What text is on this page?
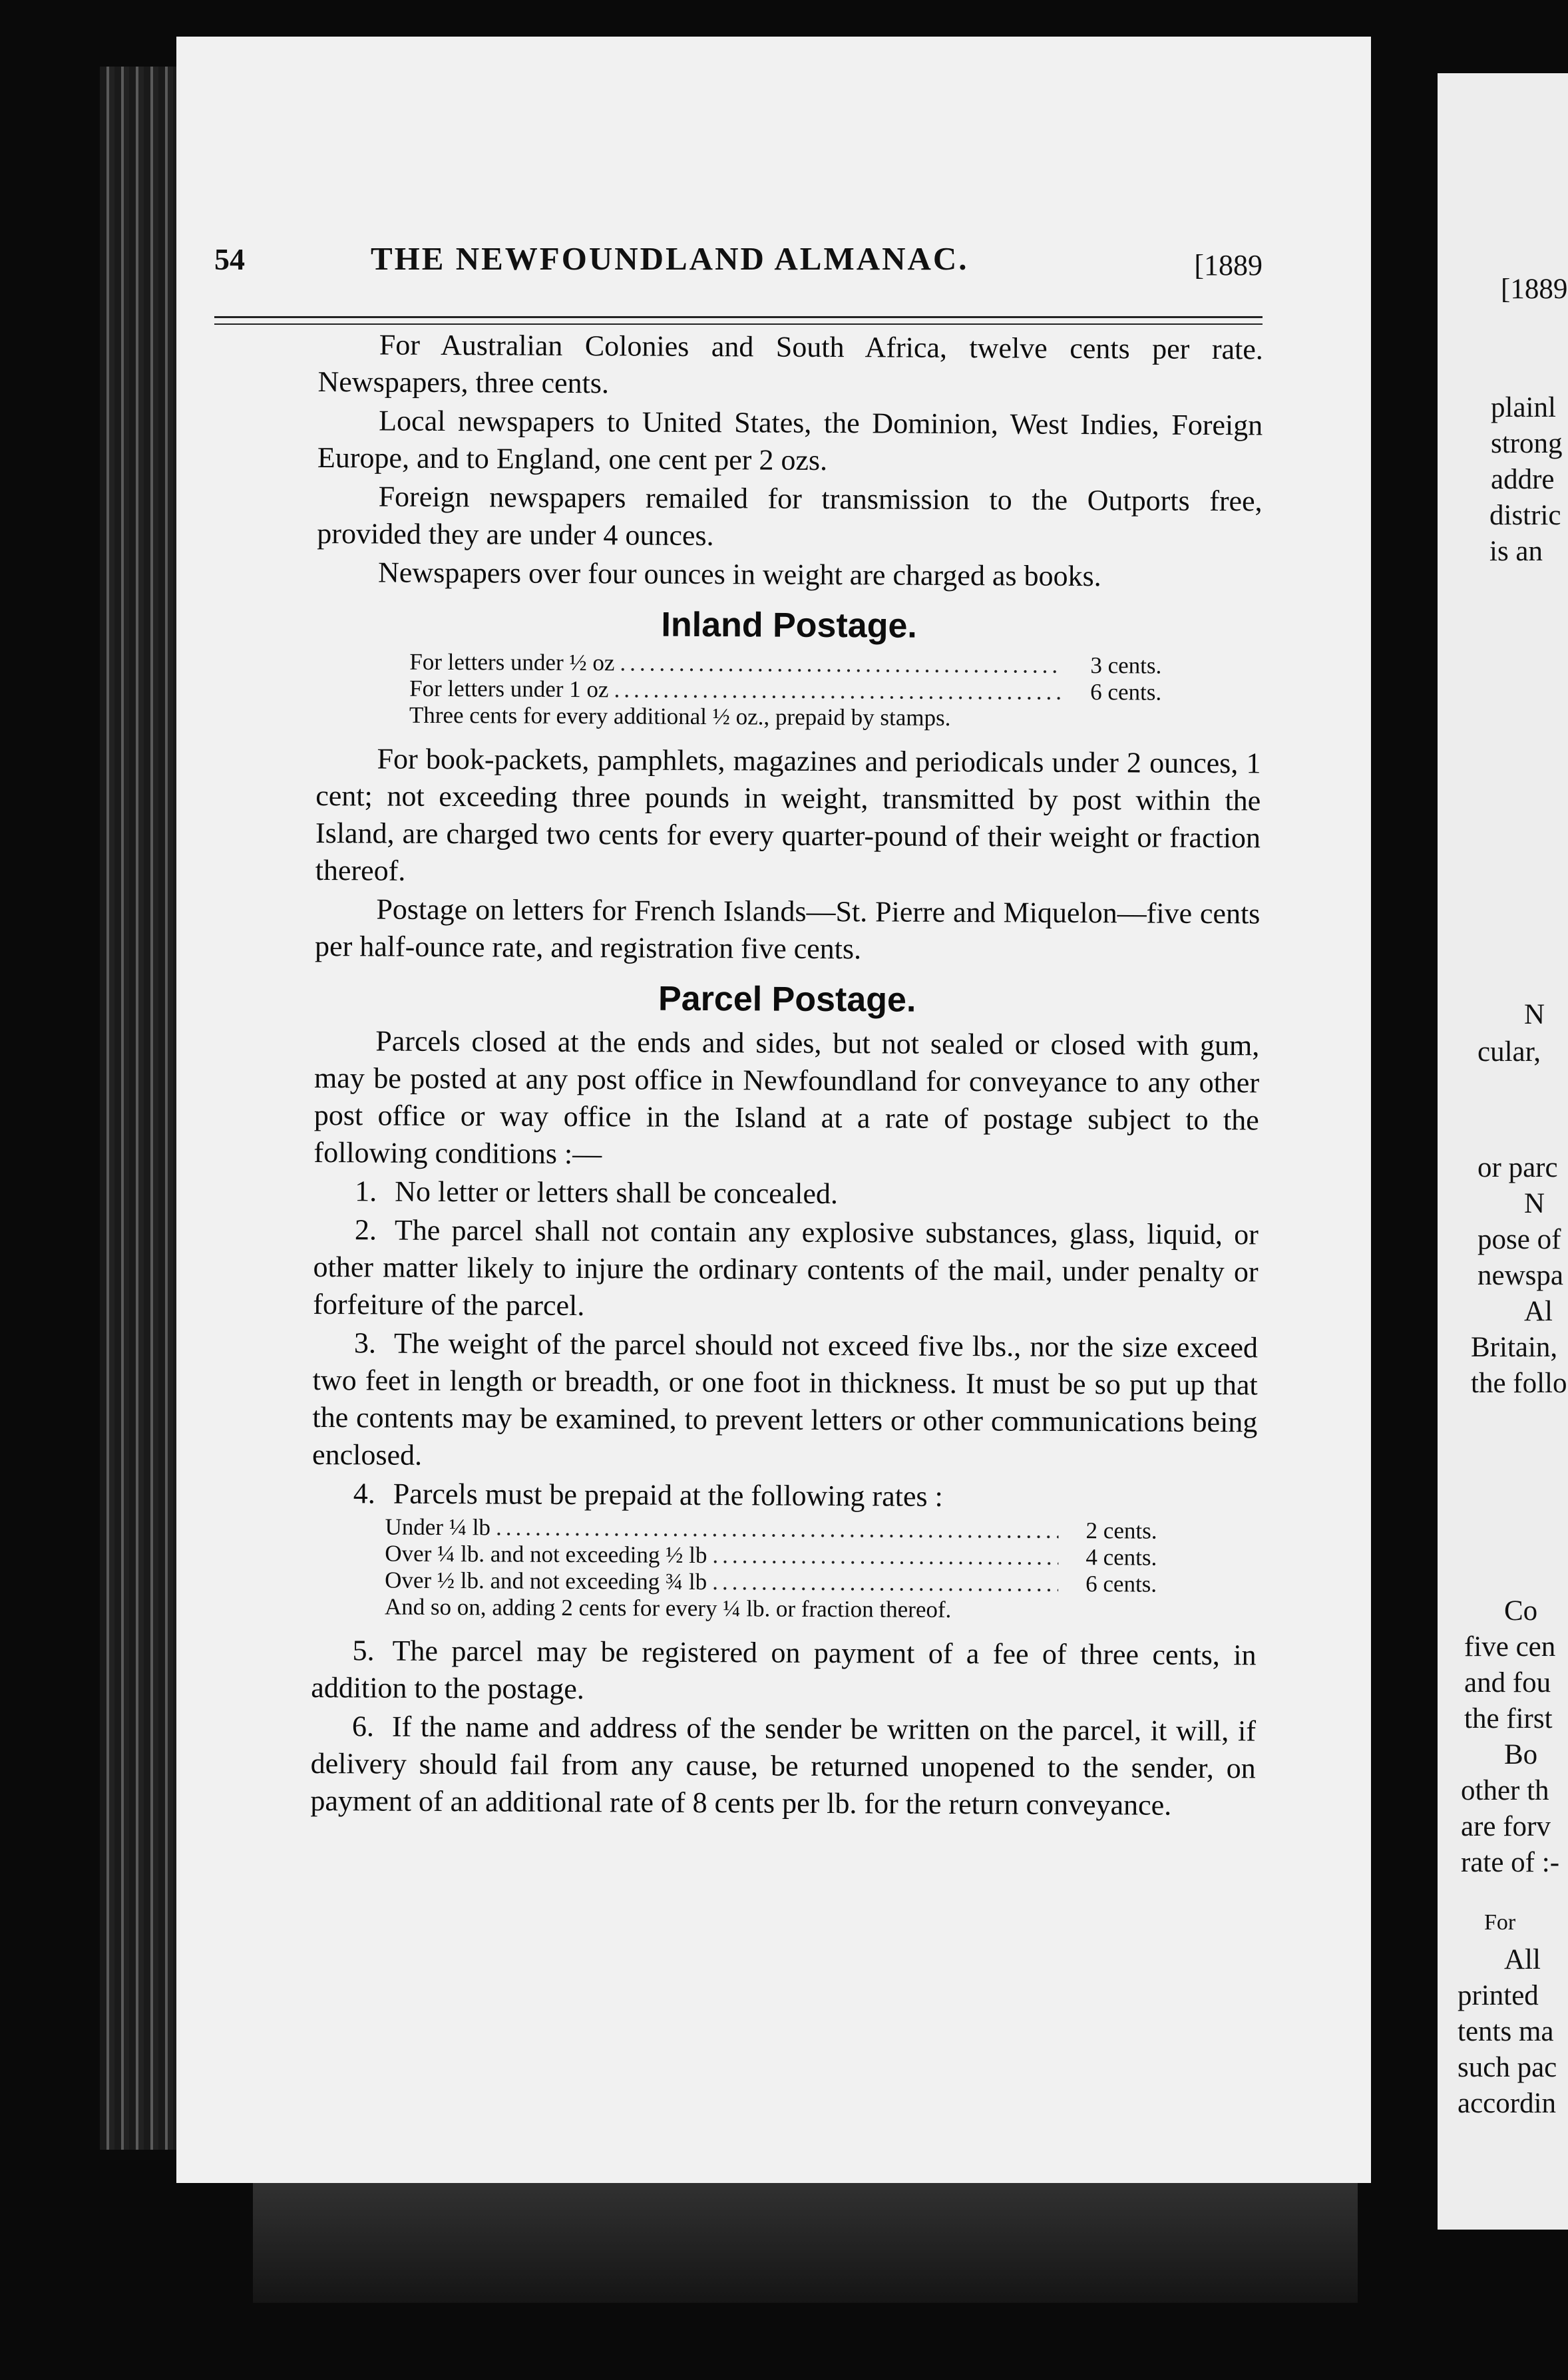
[1889
plainl
strong
addre
distric
is an
N
cular,
or parc
N
pose of
newspa
Al
Britain,
the follo
Co
five cen
and fou
the first
Bo
other th
are forv
rate of :-
For
All
printed
tents ma
such pac
accordin
54	THE NEWFOUNDLAND ALMANAC.	[1889

For Australian Colonies and South Africa, twelve cents per rate. Newspapers, three cents.

Local newspapers to United States, the Dominion, West Indies, Foreign Europe, and to England, one cent per 2 ozs.

Foreign newspapers remailed for transmission to the Outports free, provided they are under 4 ounces.

Newspapers over four ounces in weight are charged as books.

Inland Postage.
For letters under ½ oz .....	3 cents.
For letters under 1 oz .....	6 cents.
Three cents for every additional ½ oz., prepaid by stamps.

For book-packets, pamphlets, magazines and periodicals under 2 ounces, 1 cent; not exceeding three pounds in weight, transmitted by post within the Island, are charged two cents for every quarter-pound of their weight or fraction thereof.

Postage on letters for French Islands—St. Pierre and Miquelon—five cents per half-ounce rate, and registration five cents.

Parcel Postage.

Parcels closed at the ends and sides, but not sealed or closed with gum, may be posted at any post office in Newfoundland for conveyance to any other post office or way office in the Island at a rate of postage subject to the following conditions :—

1. No letter or letters shall be concealed.

2. The parcel shall not contain any explosive substances, glass, liquid, or other matter likely to injure the ordinary contents of the mail, under penalty or forfeiture of the parcel.

3. The weight of the parcel should not exceed five lbs., nor the size exceed two feet in length or breadth, or one foot in thickness. It must be so put up that the contents may be examined, to prevent letters or other communications being enclosed.

4. Parcels must be prepaid at the following rates :

Under ¼ lb .....	2 cents.
Over ¼ lb. and not exceeding ½ lb .....	4 cents.
Over ½ lb. and not exceeding ¾ lb .....	6 cents.
And so on, adding 2 cents for every ¼ lb. or fraction thereof.

5. The parcel may be registered on payment of a fee of three cents, in addition to the postage.

6. If the name and address of the sender be written on the parcel, it will, if delivery should fail from any cause, be returned unopened to the sender, on payment of an additional rate of 8 cents per lb. for the return conveyance.
